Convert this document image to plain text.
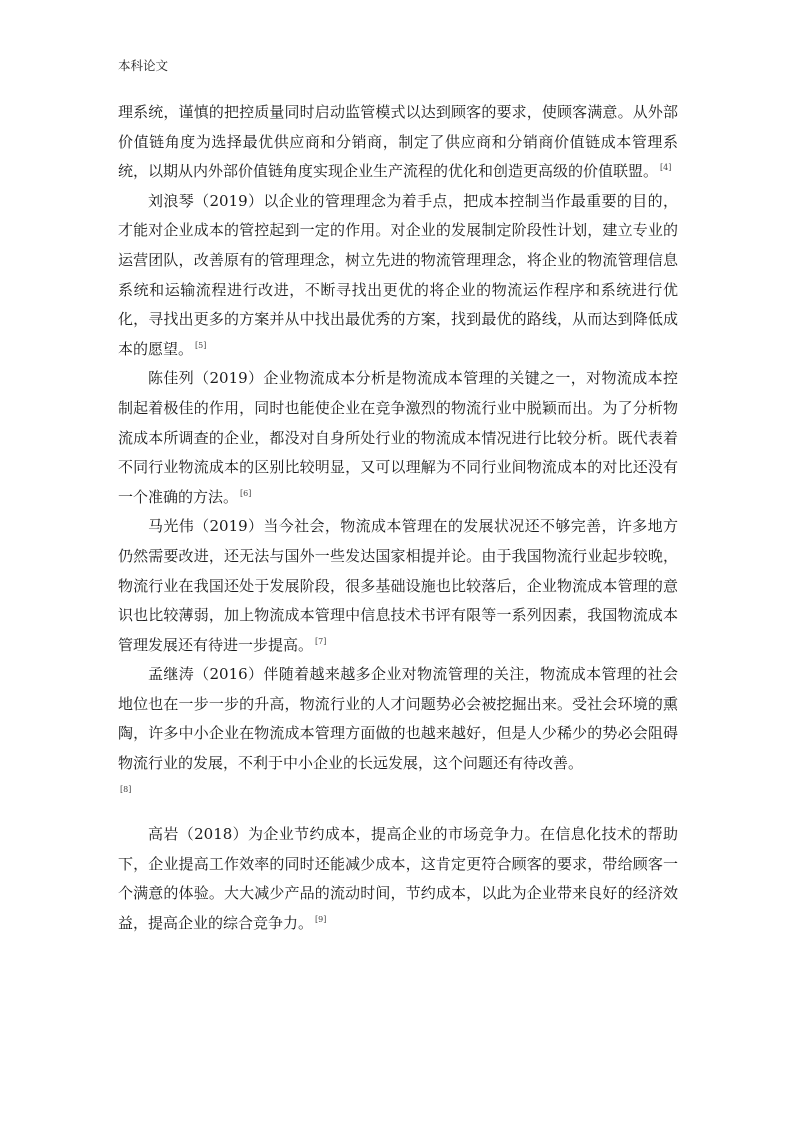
本科论文

理系统，谨慎的把控质量同时启动监管模式以达到顾客的要求，使顾客满意。从外部价值链角度为选择最优供应商和分销商，制定了供应商和分销商价值链成本管理系统，以期从内外部价值链角度实现企业生产流程的优化和创造更高级的价值联盟。 [4]

刘浪琴（2019）以企业的管理理念为着手点，把成本控制当作最重要的目的，才能对企业成本的管控起到一定的作用。对企业的发展制定阶段性计划，建立专业的运营团队，改善原有的管理理念，树立先进的物流管理理念，将企业的物流管理信息系统和运输流程进行改进，不断寻找出更优的将企业的物流运作程序和系统进行优化，寻找出更多的方案并从中找出最优秀的方案，找到最优的路线，从而达到降低成本的愿望。 [5]

陈佳列（2019）企业物流成本分析是物流成本管理的关键之一，对物流成本控制起着极佳的作用，同时也能使企业在竞争激烈的物流行业中脱颖而出。为了分析物流成本所调查的企业，都没对自身所处行业的物流成本情况进行比较分析。既代表着不同行业物流成本的区别比较明显，又可以理解为不同行业间物流成本的对比还没有一个准确的方法。 [6]

马光伟（2019）当今社会，物流成本管理在的发展状况还不够完善，许多地方仍然需要改进，还无法与国外一些发达国家相提并论。由于我国物流行业起步较晚，物流行业在我国还处于发展阶段，很多基础设施也比较落后，企业物流成本管理的意识也比较薄弱，加上物流成本管理中信息技术书评有限等一系列因素，我国物流成本管理发展还有待进一步提高。 [7]

孟继涛（2016）伴随着越来越多企业对物流管理的关注，物流成本管理的社会地位也在一步一步的升高，物流行业的人才问题势必会被挖掘出来。受社会环境的熏陶，许多中小企业在物流成本管理方面做的也越来越好，但是人少稀少的势必会阻碍物流行业的发展，不利于中小企业的长远发展，这个问题还有待改善。
[8]

高岩（2018）为企业节约成本，提高企业的市场竞争力。在信息化技术的帮助下，企业提高工作效率的同时还能减少成本，这肯定更符合顾客的要求，带给顾客一个满意的体验。大大减少产品的流动时间，节约成本，以此为企业带来良好的经济效益，提高企业的综合竞争力。 [9]
